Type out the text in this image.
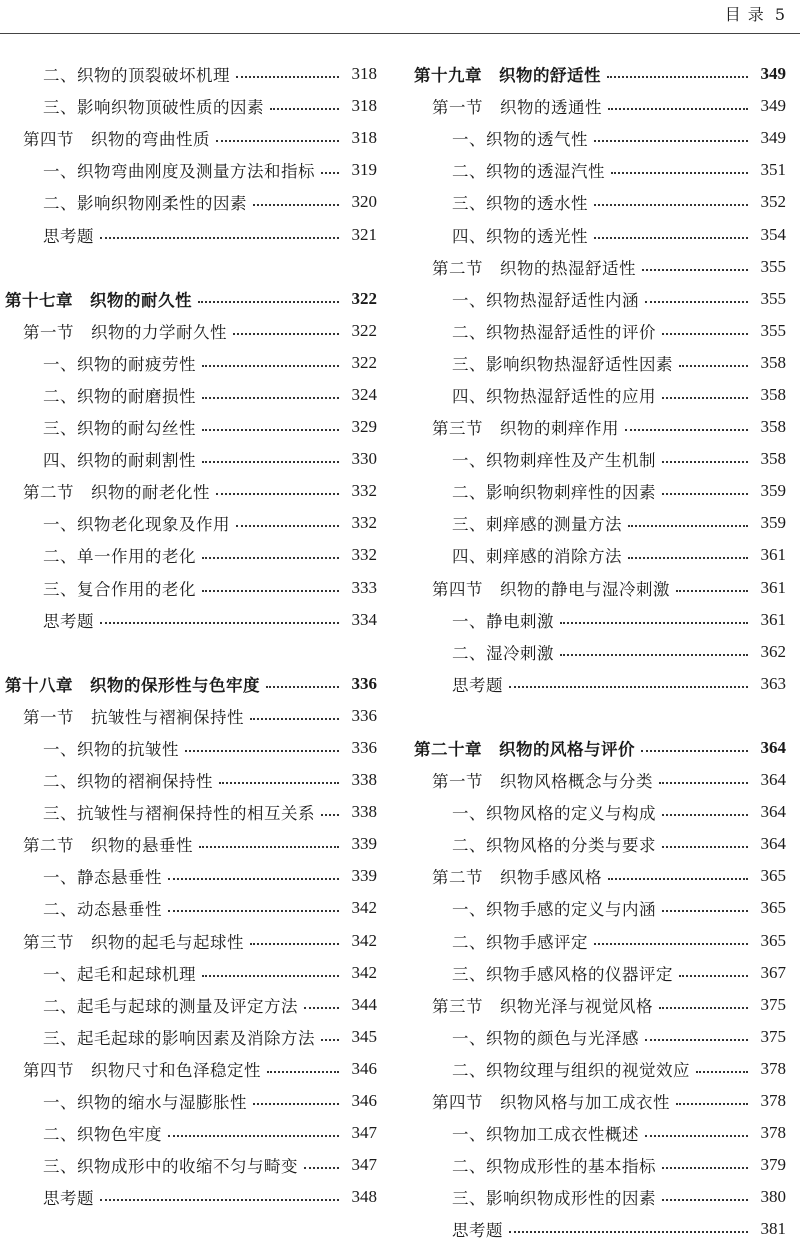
目 录 5
二、织物的顶裂破坏机理	318
三、影响织物顶破性质的因素	318
第四节　织物的弯曲性质	318
一、织物弯曲刚度及测量方法和指标 319
二、影响织物刚柔性的因素	320
思考题	321
第十七章　织物的耐久性	322
第一节　织物的力学耐久性	322
一、织物的耐疲劳性	322
二、织物的耐磨损性	324
三、织物的耐勾丝性	329
四、织物的耐刺割性	330
第二节　织物的耐老化性	332
一、织物老化现象及作用	332
二、单一作用的老化	332
三、复合作用的老化	333
思考题	334
第十八章　织物的保形性与色牢度	336
第一节　抗皱性与褶裥保持性	336
一、织物的抗皱性	336
二、织物的褶裥保持性	338
三、抗皱性与褶裥保持性的相互关系 338
第二节　织物的悬垂性	339
一、静态悬垂性	339
二、动态悬垂性	342
第三节　织物的起毛与起球性	342
一、起毛和起球机理	342
二、起毛与起球的测量及评定方法	344
三、起毛起球的影响因素及消除方法 345
第四节　织物尺寸和色泽稳定性	346
一、织物的缩水与湿膨胀性	346
二、织物色牢度	347
三、织物成形中的收缩不匀与畸变	347
思考题	348
第十九章　织物的舒适性	349
第一节　织物的透通性	349
一、织物的透气性	349
二、织物的透湿汽性	351
三、织物的透水性	352
四、织物的透光性	354
第二节　织物的热湿舒适性	355
一、织物热湿舒适性内涵	355
二、织物热湿舒适性的评价	355
三、影响织物热湿舒适性因素	358
四、织物热湿舒适性的应用	358
第三节　织物的刺痒作用	358
一、织物刺痒性及产生机制	358
二、影响织物刺痒性的因素	359
三、刺痒感的测量方法	359
四、刺痒感的消除方法	361
第四节　织物的静电与湿冷刺激	361
一、静电刺激	361
二、湿冷刺激	362
思考题	363
第二十章　织物的风格与评价	364
第一节　织物风格概念与分类	364
一、织物风格的定义与构成	364
二、织物风格的分类与要求	364
第二节　织物手感风格	365
一、织物手感的定义与内涵	365
二、织物手感评定	365
三、织物手感风格的仪器评定	367
第三节　织物光泽与视觉风格	375
一、织物的颜色与光泽感	375
二、织物纹理与组织的视觉效应	378
第四节　织物风格与加工成衣性	378
一、织物加工成衣性概述	378
二、织物成形性的基本指标	379
三、影响织物成形性的因素	380
思考题	381
